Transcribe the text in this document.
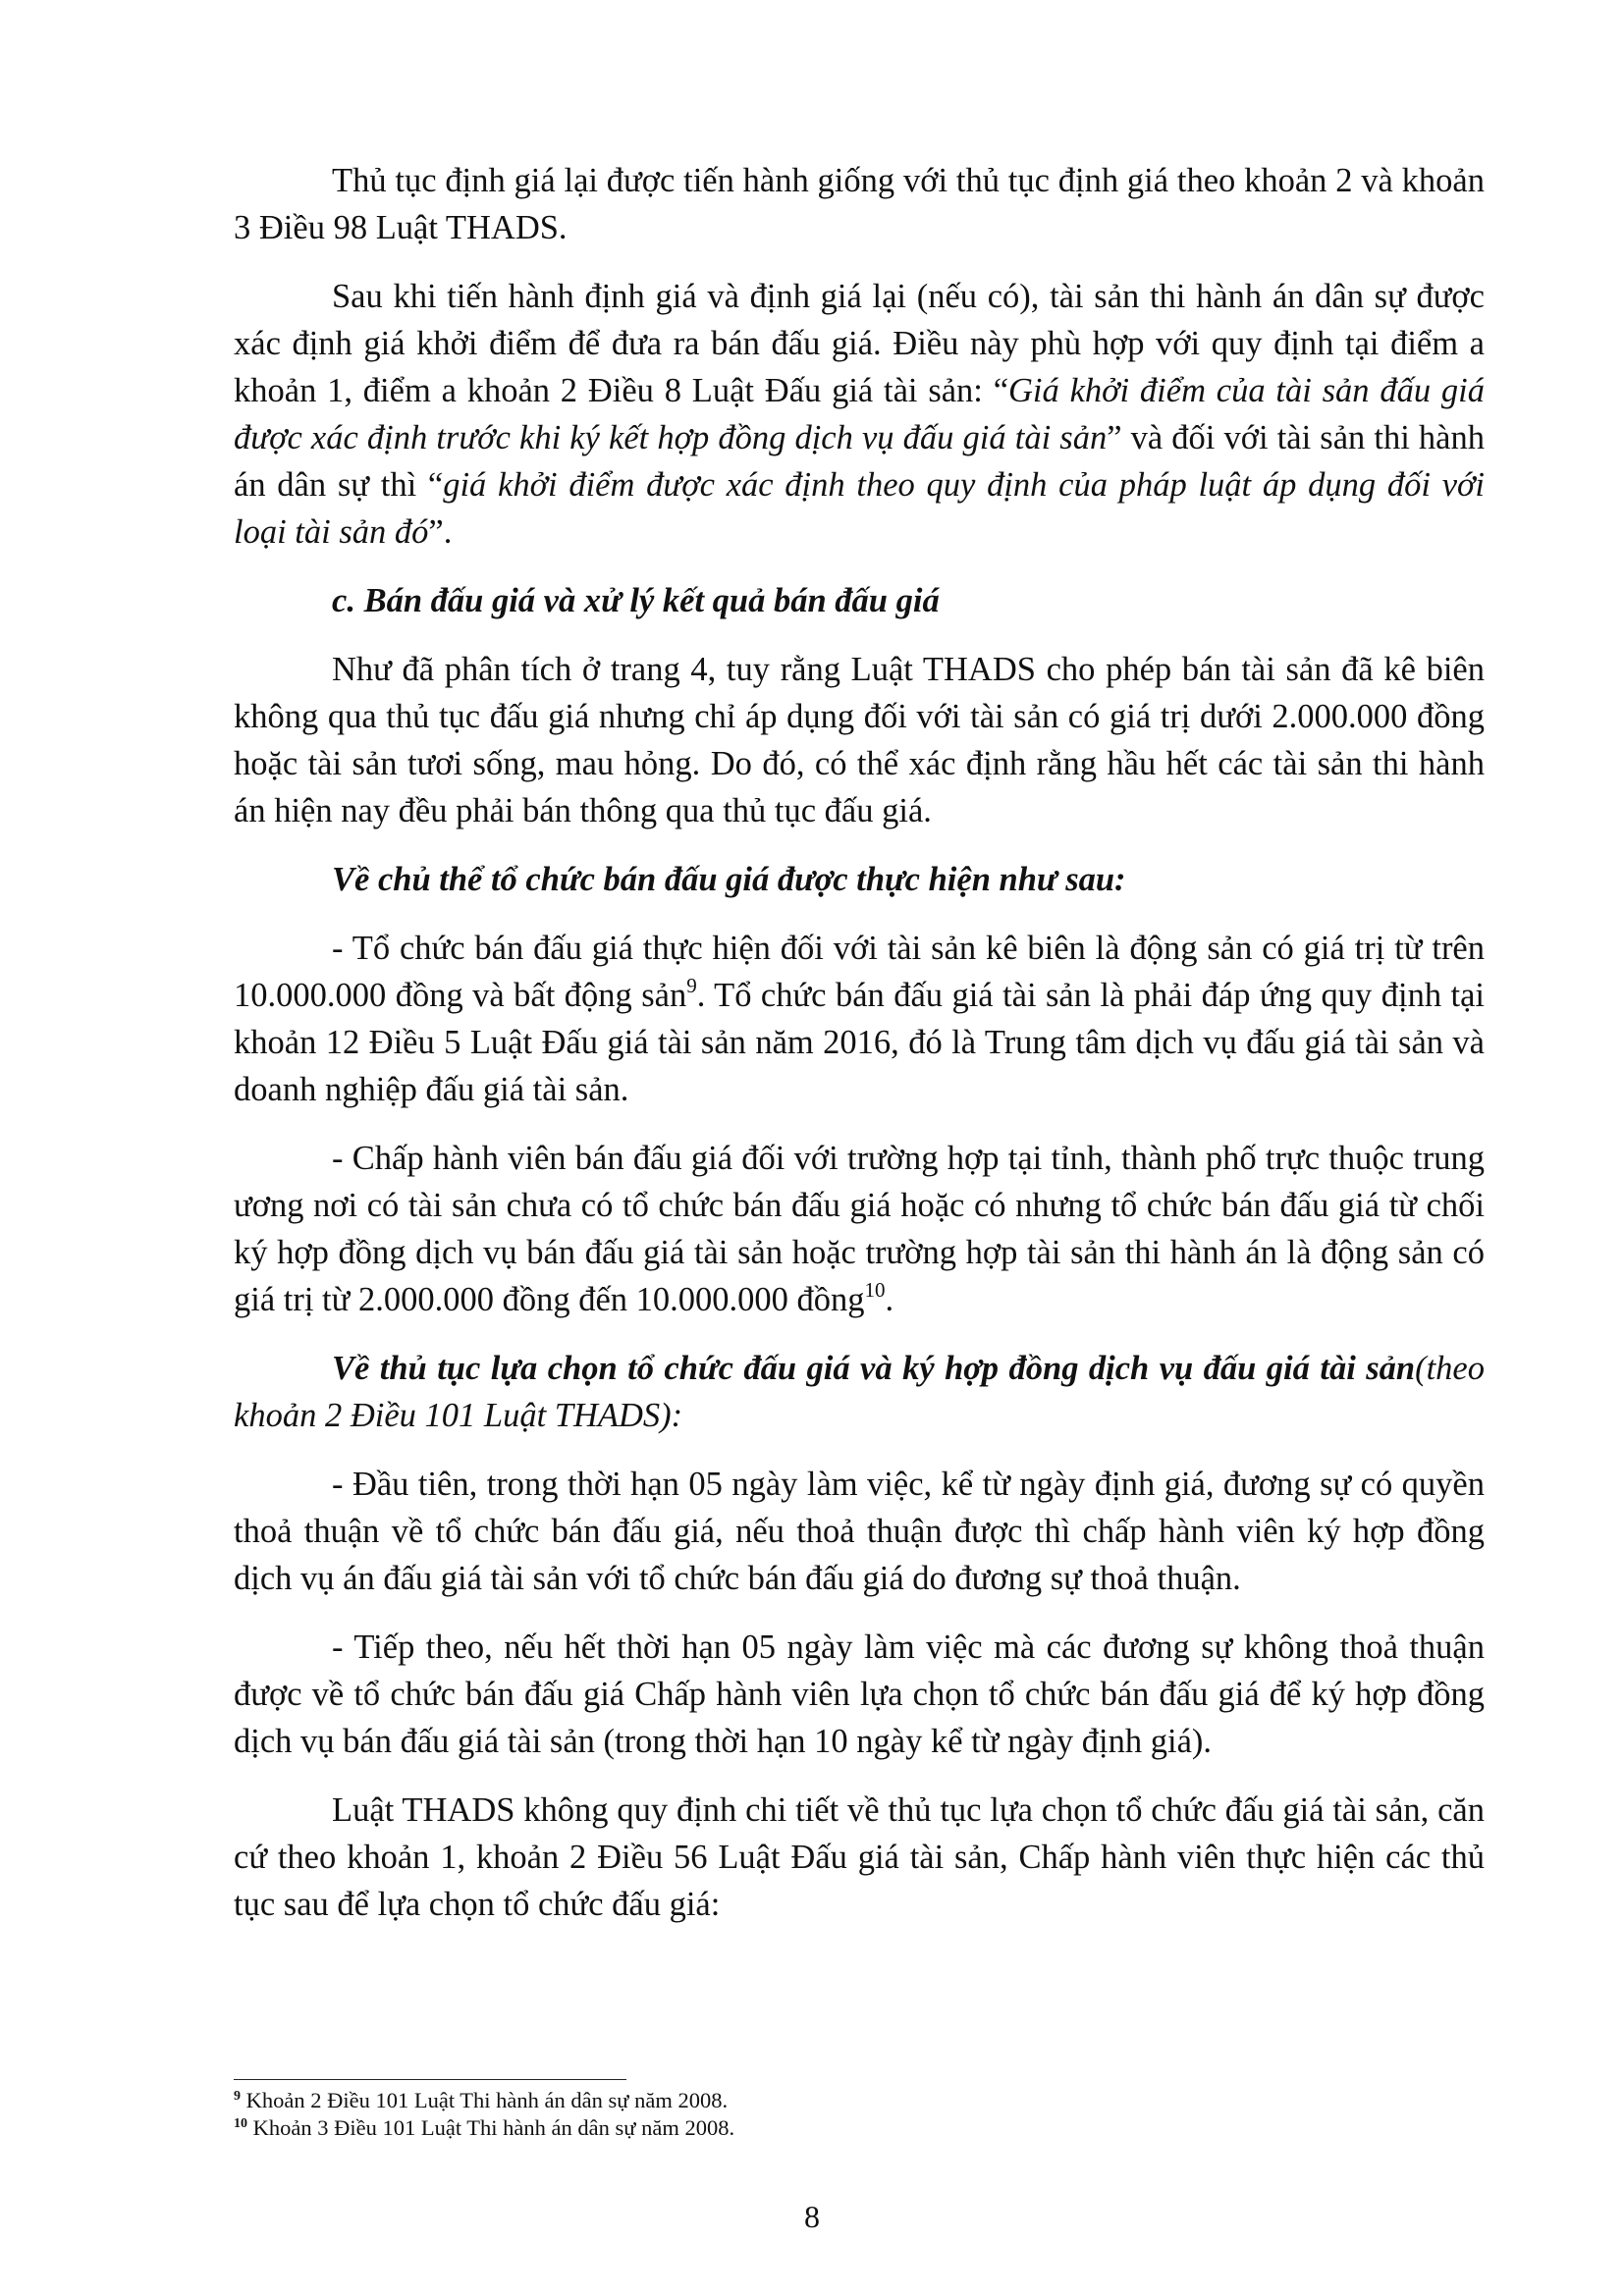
Thủ tục định giá lại được tiến hành giống với thủ tục định giá theo khoản 2 và khoản 3 Điều 98 Luật THADS.

Sau khi tiến hành định giá và định giá lại (nếu có), tài sản thi hành án dân sự được xác định giá khởi điểm để đưa ra bán đấu giá. Điều này phù hợp với quy định tại điểm a khoản 1, điểm a khoản 2 Điều 8 Luật Đấu giá tài sản: “Giá khởi điểm của tài sản đấu giá được xác định trước khi ký kết hợp đồng dịch vụ đấu giá tài sản” và đối với tài sản thi hành án dân sự thì “giá khởi điểm được xác định theo quy định của pháp luật áp dụng đối với loại tài sản đó”.

c. Bán đấu giá và xử lý kết quả bán đấu giá

Như đã phân tích ở trang 4, tuy rằng Luật THADS cho phép bán tài sản đã kê biên không qua thủ tục đấu giá nhưng chỉ áp dụng đối với tài sản có giá trị dưới 2.000.000 đồng hoặc tài sản tươi sống, mau hỏng. Do đó, có thể xác định rằng hầu hết các tài sản thi hành án hiện nay đều phải bán thông qua thủ tục đấu giá.

Về chủ thể tổ chức bán đấu giá được thực hiện như sau:

- Tổ chức bán đấu giá thực hiện đối với tài sản kê biên là động sản có giá trị từ trên 10.000.000 đồng và bất động sản$^9$. Tổ chức bán đấu giá tài sản là phải đáp ứng quy định tại khoản 12 Điều 5 Luật Đấu giá tài sản năm 2016, đó là Trung tâm dịch vụ đấu giá tài sản và doanh nghiệp đấu giá tài sản.

- Chấp hành viên bán đấu giá đối với trường hợp tại tỉnh, thành phố trực thuộc trung ương nơi có tài sản chưa có tổ chức bán đấu giá hoặc có nhưng tổ chức bán đấu giá từ chối ký hợp đồng dịch vụ bán đấu giá tài sản hoặc trường hợp tài sản thi hành án là động sản có giá trị từ 2.000.000 đồng đến 10.000.000 đồng$^{10}$.

Về thủ tục lựa chọn tổ chức đấu giá và ký hợp đồng dịch vụ đấu giá tài sản(theo khoản 2 Điều 101 Luật THADS):

- Đầu tiên, trong thời hạn 05 ngày làm việc, kể từ ngày định giá, đương sự có quyền thoả thuận về tổ chức bán đấu giá, nếu thoả thuận được thì chấp hành viên ký hợp đồng dịch vụ án đấu giá tài sản với tổ chức bán đấu giá do đương sự thoả thuận.

- Tiếp theo, nếu hết thời hạn 05 ngày làm việc mà các đương sự không thoả thuận được về tổ chức bán đấu giá Chấp hành viên lựa chọn tổ chức bán đấu giá để ký hợp đồng dịch vụ bán đấu giá tài sản (trong thời hạn 10 ngày kể từ ngày định giá).

Luật THADS không quy định chi tiết về thủ tục lựa chọn tổ chức đấu giá tài sản, căn cứ theo khoản 1, khoản 2 Điều 56 Luật Đấu giá tài sản, Chấp hành viên thực hiện các thủ tục sau để lựa chọn tổ chức đấu giá:

$^9$ Khoản 2 Điều 101 Luật Thi hành án dân sự năm 2008.

$^{10}$ Khoản 3 Điều 101 Luật Thi hành án dân sự năm 2008.

8
